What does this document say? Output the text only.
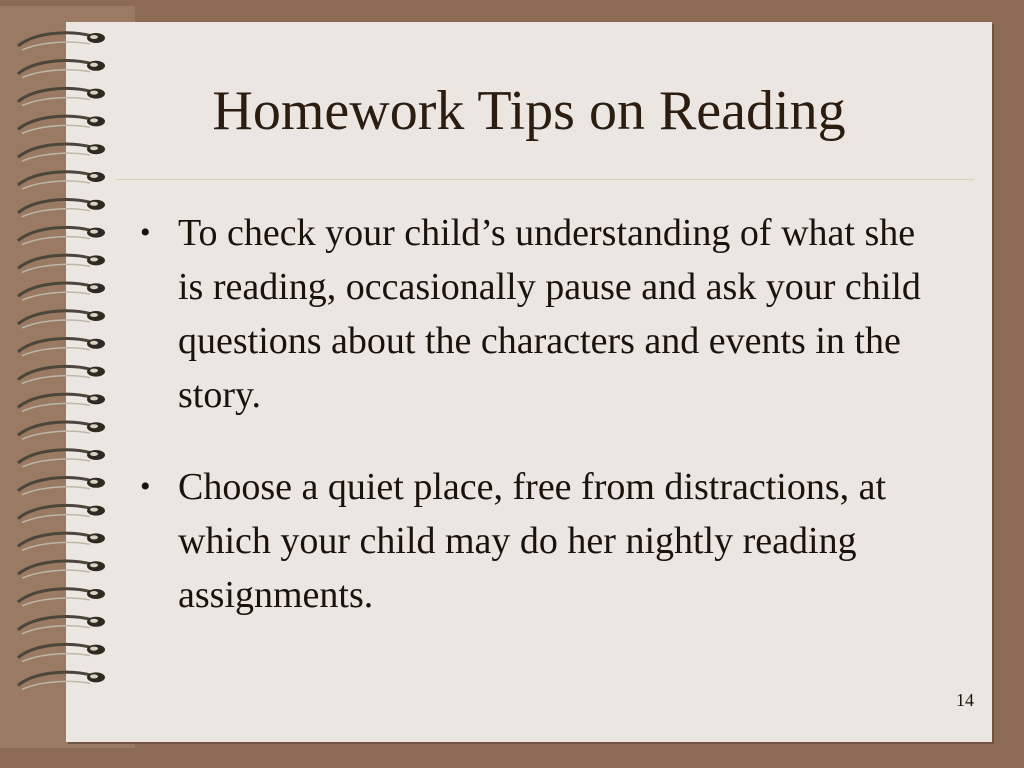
Homework Tips on Reading
• To check your child’s understanding of what she is reading, occasionally pause and ask your child questions about the characters and events in the story.
• Choose a quiet place, free from distractions, at which your child may do her nightly reading assignments.
14
